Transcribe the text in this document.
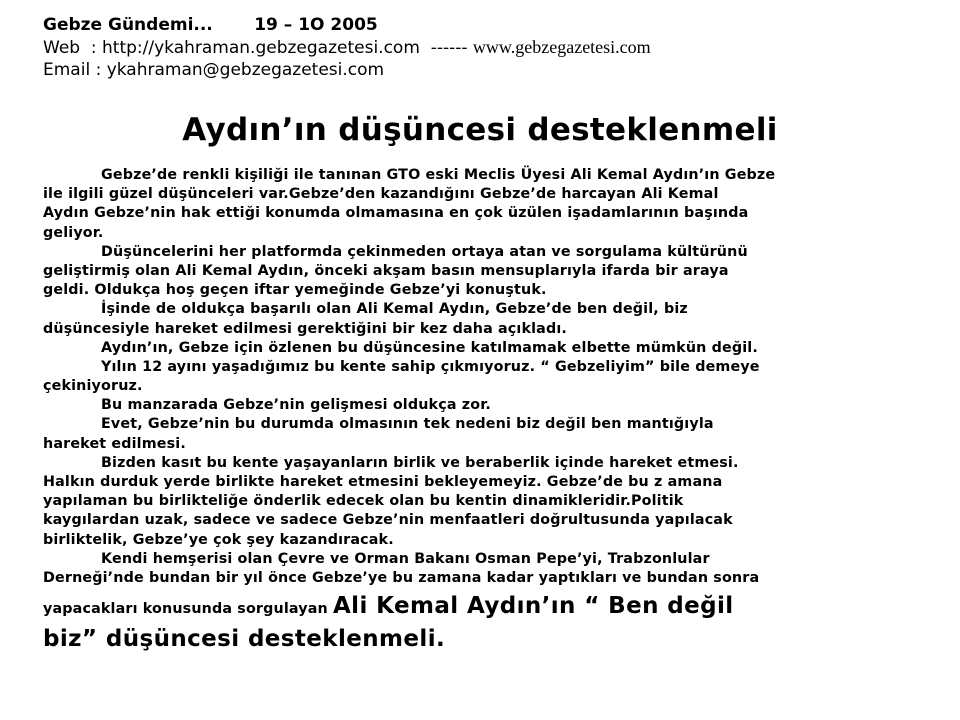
Gebze Gündemi... 19 – 1O 2005
Web  : http://ykahraman.gebzegazetesi.com  ------ www.gebzegazetesi.com
Email : ykahraman@gebzegazetesi.com
Aydın’ın düşüncesi desteklenmeli
Gebze’de renkli kişiliği ile tanınan GTO eski Meclis Üyesi Ali Kemal Aydın’ın Gebze
ile ilgili güzel düşünceleri var.Gebze’den kazandığını Gebze’de harcayan Ali Kemal
Aydın Gebze’nin hak ettiği konumda olmamasına en çok üzülen işadamlarının başında
geliyor.
Düşüncelerini her platformda çekinmeden ortaya atan ve sorgulama kültürünü
geliştirmiş olan Ali Kemal Aydın, önceki akşam basın mensuplarıyla ifarda bir araya
geldi. Oldukça hoş geçen iftar yemeğinde Gebze’yi konuştuk.
İşinde de oldukça başarılı olan Ali Kemal Aydın, Gebze’de ben değil, biz
düşüncesiyle hareket edilmesi gerektiğini bir kez daha açıkladı.
Aydın’ın, Gebze için özlenen bu düşüncesine katılmamak elbette mümkün değil.
Yılın 12 ayını yaşadığımız bu kente sahip çıkmıyoruz. “ Gebzeliyim” bile demeye
çekiniyoruz.
Bu manzarada Gebze’nin gelişmesi oldukça zor.
Evet, Gebze’nin bu durumda olmasının tek nedeni biz değil ben mantığıyla
hareket edilmesi.
Bizden kasıt bu kente yaşayanların birlik ve beraberlik içinde hareket etmesi.
Halkın durduk yerde birlikte hareket etmesini bekleyemeyiz. Gebze’de bu z amana
yapılaman bu birlikteliğe önderlik edecek olan bu kentin dinamikleridir.Politik
kaygılardan uzak, sadece ve sadece Gebze’nin menfaatleri doğrultusunda yapılacak
birliktelik, Gebze’ye çok şey kazandıracak.
Kendi hemşerisi olan Çevre ve Orman Bakanı Osman Pepe’yi, Trabzonlular
Derneği’nde bundan bir yıl önce Gebze’ye bu zamana kadar yaptıkları ve bundan sonra
yapacakları konusunda sorgulayan Ali Kemal Aydın’ın “ Ben değil
biz” düşüncesi desteklenmeli.
